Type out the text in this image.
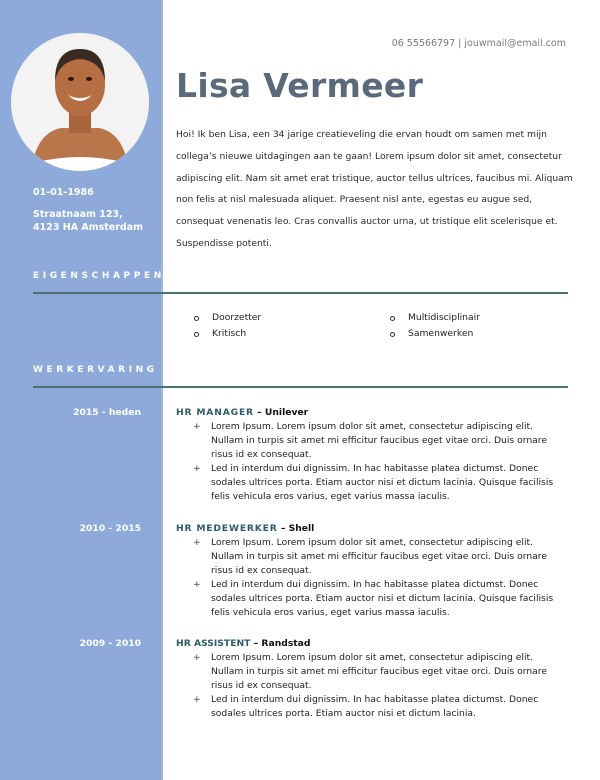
01-01-1986
Straatnaam 123,
4123 HA Amsterdam
06 55566797 | jouwmail@email.com
Lisa Vermeer
Hoi! Ik ben Lisa, een 34 jarige creatieveling die ervan houdt om samen met mijn collega’s nieuwe uitdagingen aan te gaan! Lorem ipsum dolor sit amet, consectetur adipiscing elit. Nam sit amet erat tristique, auctor tellus ultrices, faucibus mi. Aliquam non felis at nisl malesuada aliquet. Praesent nisl ante, egestas eu augue sed, consequat venenatis leo. Cras convallis auctor urna, ut tristique elit scelerisque et. Suspendisse potenti.
EIGENSCHAPPEN
Doorzetter
Kritisch
Multidisciplinair
Samenwerken
WERKERVARING
2015 - heden	HR MANAGER – Unilever
+ Lorem Ipsum. Lorem ipsum dolor sit amet, consectetur adipiscing elit. Nullam in turpis sit amet mi efficitur faucibus eget vitae orci. Duis ornare risus id ex consequat.
+ Led in interdum dui dignissim. In hac habitasse platea dictumst. Donec sodales ultrices porta. Etiam auctor nisi et dictum lacinia. Quisque facilisis felis vehicula eros varius, eget varius massa iaculis.
2010 - 2015	HR MEDEWERKER – Shell
+ Lorem Ipsum. Lorem ipsum dolor sit amet, consectetur adipiscing elit. Nullam in turpis sit amet mi efficitur faucibus eget vitae orci. Duis ornare risus id ex consequat.
+ Led in interdum dui dignissim. In hac habitasse platea dictumst. Donec sodales ultrices porta. Etiam auctor nisi et dictum lacinia. Quisque facilisis felis vehicula eros varius, eget varius massa iaculis.
2009 - 2010	HR ASSISTENT – Randstad
+ Lorem Ipsum. Lorem ipsum dolor sit amet, consectetur adipiscing elit. Nullam in turpis sit amet mi efficitur faucibus eget vitae orci. Duis ornare risus id ex consequat.
+ Led in interdum dui dignissim. In hac habitasse platea dictumst. Donec sodales ultrices porta. Etiam auctor nisi et dictum lacinia.
